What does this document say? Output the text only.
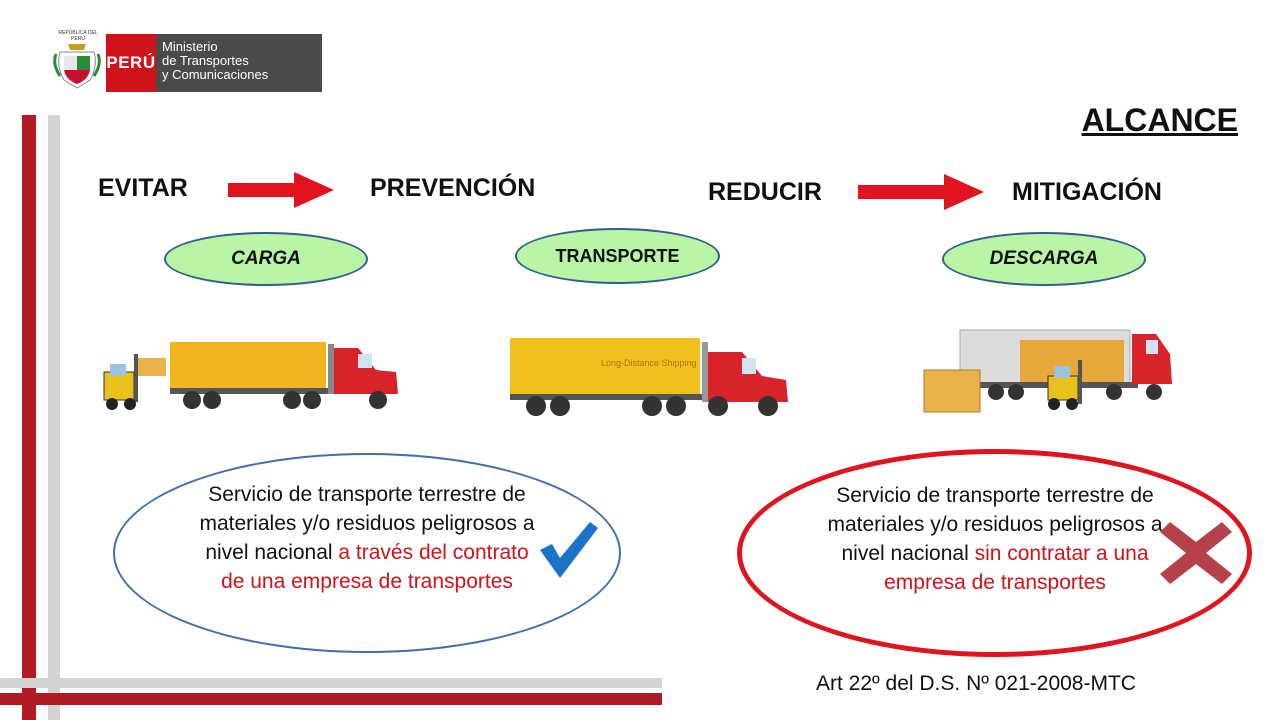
REPÚBLICA DEL PERÚ
PERÚ
Ministerio
de Transportes
y Comunicaciones
ALCANCE
EVITAR	PREVENCIÓN	REDUCIR	MITIGACIÓN
CARGA	TRANSPORTE	DESCARGA
Long-Distance Shipping
Servicio de transporte terrestre de materiales y/o residuos peligrosos a nivel nacional a través del contrato de una empresa de transportes
Servicio de transporte terrestre de materiales y/o residuos peligrosos a nivel nacional sin contratar a una empresa de transportes
Art 22º del D.S. Nº 021-2008-MTC
